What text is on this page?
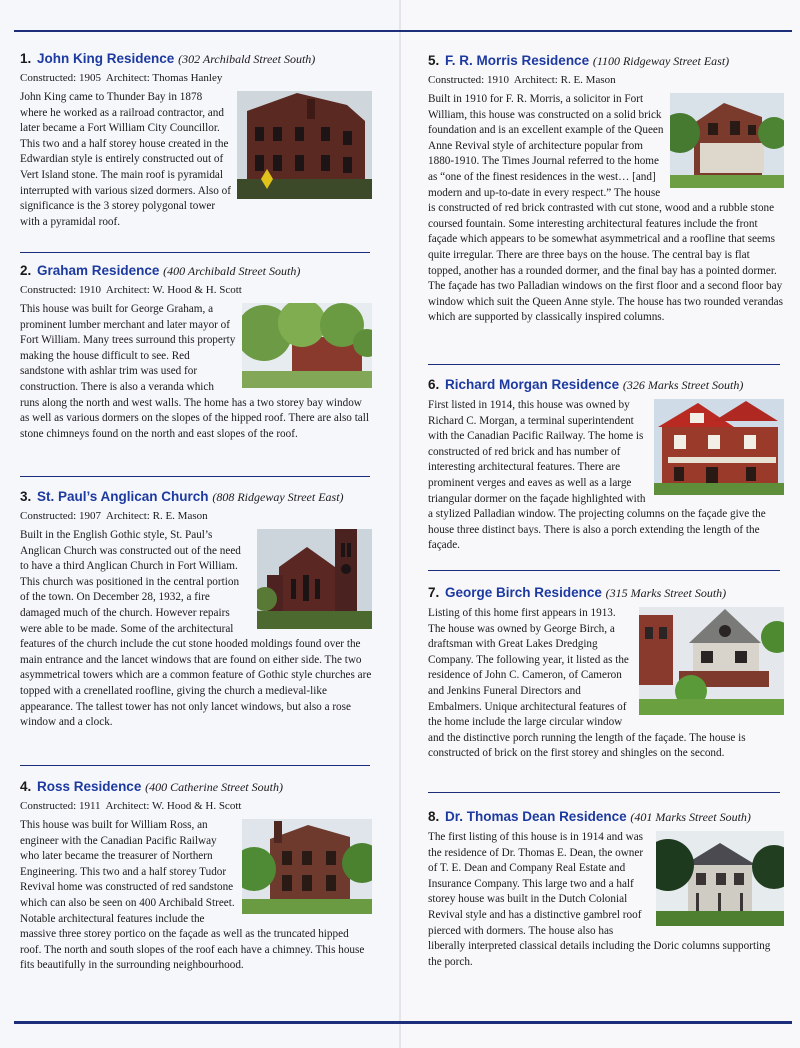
1. John King Residence (302 Archibald Street South)
Constructed: 1905 Architect: Thomas Hanley
John King came to Thunder Bay in 1878 where he worked as a railroad contractor, and later became a Fort William City Councillor. This two and a half storey house created in the Edwardian style is entirely constructed out of Vert Island stone. The main roof is pyramidal interrupted with various sized dormers. Also of significance is the 3 storey polygonal tower with a pyramidal roof.
2. Graham Residence (400 Archibald Street South)
Constructed: 1910 Architect: W. Hood & H. Scott
This house was built for George Graham, a prominent lumber merchant and later mayor of Fort William. Many trees surround this property making the house difficult to see. Red sandstone with ashlar trim was used for construction. There is also a veranda which runs along the north and west walls. The home has a two storey bay window as well as various dormers on the slopes of the hipped roof. There are also tall stone chimneys found on the north and east slopes of the roof.
3. St. Paul’s Anglican Church (808 Ridgeway Street East)
Constructed: 1907 Architect: R. E. Mason
Built in the English Gothic style, St. Paul’s Anglican Church was constructed out of the need to have a third Anglican Church in Fort William. This church was positioned in the central portion of the town. On December 28, 1932, a fire damaged much of the church. However repairs were able to be made. Some of the architectural features of the church include the cut stone hooded moldings found over the main entrance and the lancet windows that are found on either side. The two asymmetrical towers which are a common feature of Gothic style churches are topped with a crenellated roofline, giving the church a medieval-like appearance. The tallest tower has not only lancet windows, but also a rose window and a clock.
4. Ross Residence (400 Catherine Street South)
Constructed: 1911 Architect: W. Hood & H. Scott
This house was built for William Ross, an engineer with the Canadian Pacific Railway who later became the treasurer of Northern Engineering. This two and a half storey Tudor Revival home was constructed of red sandstone which can also be seen on 400 Archibald Street. Notable architectural features include the massive three storey portico on the façade as well as the truncated hipped roof. The north and south slopes of the roof each have a chimney. This house fits beautifully in the surrounding neighbourhood.
5. F. R. Morris Residence (1100 Ridgeway Street East)
Constructed: 1910 Architect: R. E. Mason
Built in 1910 for F. R. Morris, a solicitor in Fort William, this house was constructed on a solid brick foundation and is an excellent example of the Queen Anne Revival style of architecture popular from 1880-1910. The Times Journal referred to the home as “one of the finest residences in the west… [and] modern and up-to-date in every respect.” The house is constructed of red brick contrasted with cut stone, wood and a rubble stone coursed fountain. Some interesting architectural features include the front façade which appears to be somewhat asymmetrical and a roofline that seems quite irregular. There are three bays on the house. The central bay is flat topped, another has a rounded dormer, and the final bay has a pointed dormer. The façade has two Palladian windows on the first floor and a second floor bay window which suit the Queen Anne style. The house has two rounded verandas which are supported by classically inspired columns.
6. Richard Morgan Residence (326 Marks Street South)
First listed in 1914, this house was owned by Richard C. Morgan, a terminal superintendent with the Canadian Pacific Railway. The home is constructed of red brick and has number of interesting architectural features. There are prominent verges and eaves as well as a large triangular dormer on the façade highlighted with a stylized Palladian window. The projecting columns on the façade give the house three distinct bays. There is also a porch extending the length of the façade.
7. George Birch Residence (315 Marks Street South)
Listing of this home first appears in 1913. The house was owned by George Birch, a draftsman with Great Lakes Dredging Company. The following year, it listed as the residence of John C. Cameron, of Cameron and Jenkins Funeral Directors and Embalmers. Unique architectural features of the home include the large circular window and the distinctive porch running the length of the façade. The house is constructed of brick on the first storey and shingles on the second.
8. Dr. Thomas Dean Residence (401 Marks Street South)
The first listing of this house is in 1914 and was the residence of Dr. Thomas E. Dean, the owner of T. E. Dean and Company Real Estate and Insurance Company. This large two and a half storey house was built in the Dutch Colonial Revival style and has a distinctive gambrel roof pierced with dormers. The house also has liberally interpreted classical details including the Doric columns supporting the porch.
